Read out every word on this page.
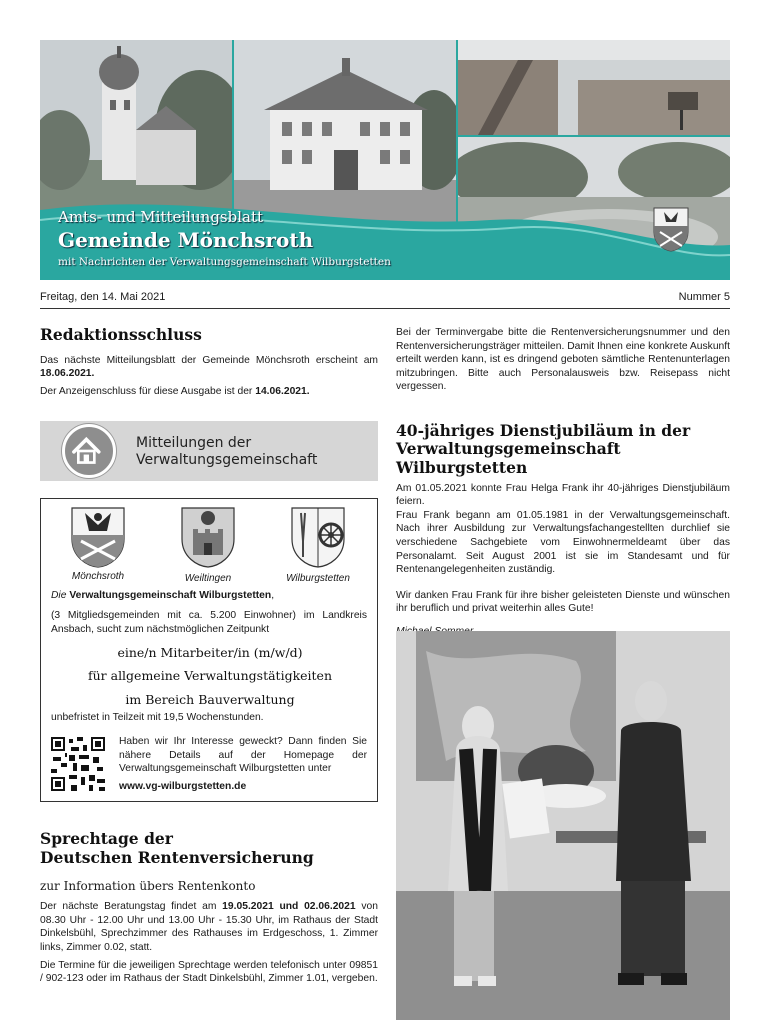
Amts- und Mitteilungsblatt
Gemeinde Mönchsroth
mit Nachrichten der Verwaltungsgemeinschaft Wilburgstetten
Freitag, den 14. Mai 2021	Nummer 5
Redaktionsschluss

Das nächste Mitteilungsblatt der Gemeinde Mönchsroth erscheint am 18.06.2021.

Der Anzeigenschluss für diese Ausgabe ist der 14.06.2021.

Mitteilungen der
Verwaltungsgemeinschaft
Mönchsroth	Weiltingen	Wilburgstetten
Die Verwaltungsgemeinschaft Wilburgstetten,
(3 Mitgliedsgemeinden mit ca. 5.200 Einwohner) im Landkreis Ansbach, sucht zum nächstmöglichen Zeitpunkt
eine/n Mitarbeiter/in (m/w/d)
für allgemeine Verwaltungstätigkeiten
im Bereich Bauverwaltung
unbefristet in Teilzeit mit 19,5 Wochenstunden.
Haben wir Ihr Interesse geweckt? Dann finden Sie nähere Details auf der Homepage der Verwaltungsgemeinschaft Wilburgstetten unter
www.vg-wilburgstetten.de
Sprechtage der
Deutschen Rentenversicherung
zur Information übers Rentenkonto

Der nächste Beratungstag findet am 19.05.2021 und 02.06.2021 von 08.30 Uhr - 12.00 Uhr und 13.00 Uhr - 15.30 Uhr, im Rathaus der Stadt Dinkelsbühl, Sprechzimmer des Rathauses im Erdgeschoss, 1. Zimmer links, Zimmer 0.02, statt.

Die Termine für die jeweiligen Sprechtage werden telefonisch unter 09851 / 902-123 oder im Rathaus der Stadt Dinkelsbühl, Zimmer 1.01, vergeben.

Bei der Terminvergabe bitte die Rentenversicherungsnummer und den Rentenversicherungsträger mitteilen. Damit Ihnen eine konkrete Auskunft erteilt werden kann, ist es dringend geboten sämtliche Rentenunterlagen mitzubringen. Bitte auch Personalausweis bzw. Reisepass nicht vergessen.

40-jähriges Dienstjubiläum in der
Verwaltungsgemeinschaft Wilburgstetten

Am 01.05.2021 konnte Frau Helga Frank ihr 40-jähriges Dienstjubiläum feiern.

Frau Frank begann am 01.05.1981 in der Verwaltungsgemeinschaft. Nach ihrer Ausbildung zur Verwaltungsfachangestellten durchlief sie verschiedene Sachgebiete vom Einwohnermeldeamt über das Personalamt. Seit August 2001 ist sie im Standesamt und für Rentenangelegenheiten zuständig.

Wir danken Frau Frank für ihre bisher geleisteten Dienste und wünschen ihr beruflich und privat weiterhin alles Gute!
